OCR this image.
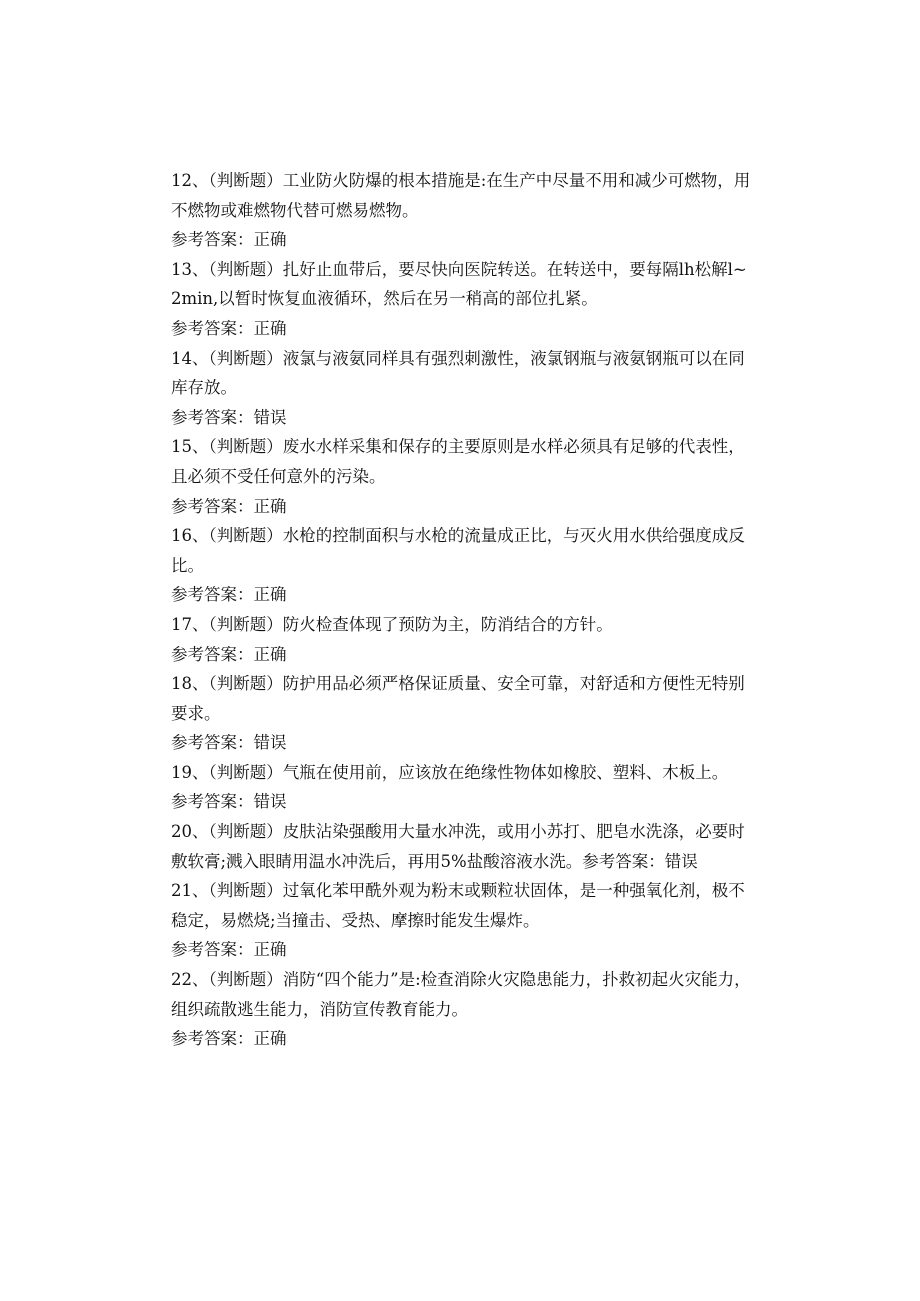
12、（判断题）工业防火防爆的根本措施是:在生产中尽量不用和减少可燃物，用不燃物或难燃物代替可燃易燃物。

参考答案：正确

13、（判断题）扎好止血带后，要尽快向医院转送。在转送中，要每隔lh松解l~2min,以暂时恢复血液循环，然后在另一稍高的部位扎紧。

参考答案：正确

14、（判断题）液氯与液氨同样具有强烈刺激性，液氯钢瓶与液氨钢瓶可以在同库存放。

参考答案：错误

15、（判断题）废水水样采集和保存的主要原则是水样必须具有足够的代表性，且必须不受任何意外的污染。

参考答案：正确

16、（判断题）水枪的控制面积与水枪的流量成正比，与灭火用水供给强度成反比。

参考答案：正确

17、（判断题）防火检查体现了预防为主，防消结合的方针。

参考答案：正确

18、（判断题）防护用品必须严格保证质量、安全可靠，对舒适和方便性无特别要求。

参考答案：错误

19、（判断题）气瓶在使用前，应该放在绝缘性物体如橡胶、塑料、木板上。

参考答案：错误

20、（判断题）皮肤沾染强酸用大量水冲洗，或用小苏打、肥皂水洗涤，必要时敷软膏;溅入眼睛用温水冲洗后，再用5%盐酸溶液水洗。参考答案：错误

21、（判断题）过氧化苯甲酰外观为粉末或颗粒状固体，是一种强氧化剂，极不稳定，易燃烧;当撞击、受热、摩擦时能发生爆炸。

参考答案：正确

22、（判断题）消防“四个能力”是:检查消除火灾隐患能力，扑救初起火灾能力，组织疏散逃生能力，消防宣传教育能力。

参考答案：正确
